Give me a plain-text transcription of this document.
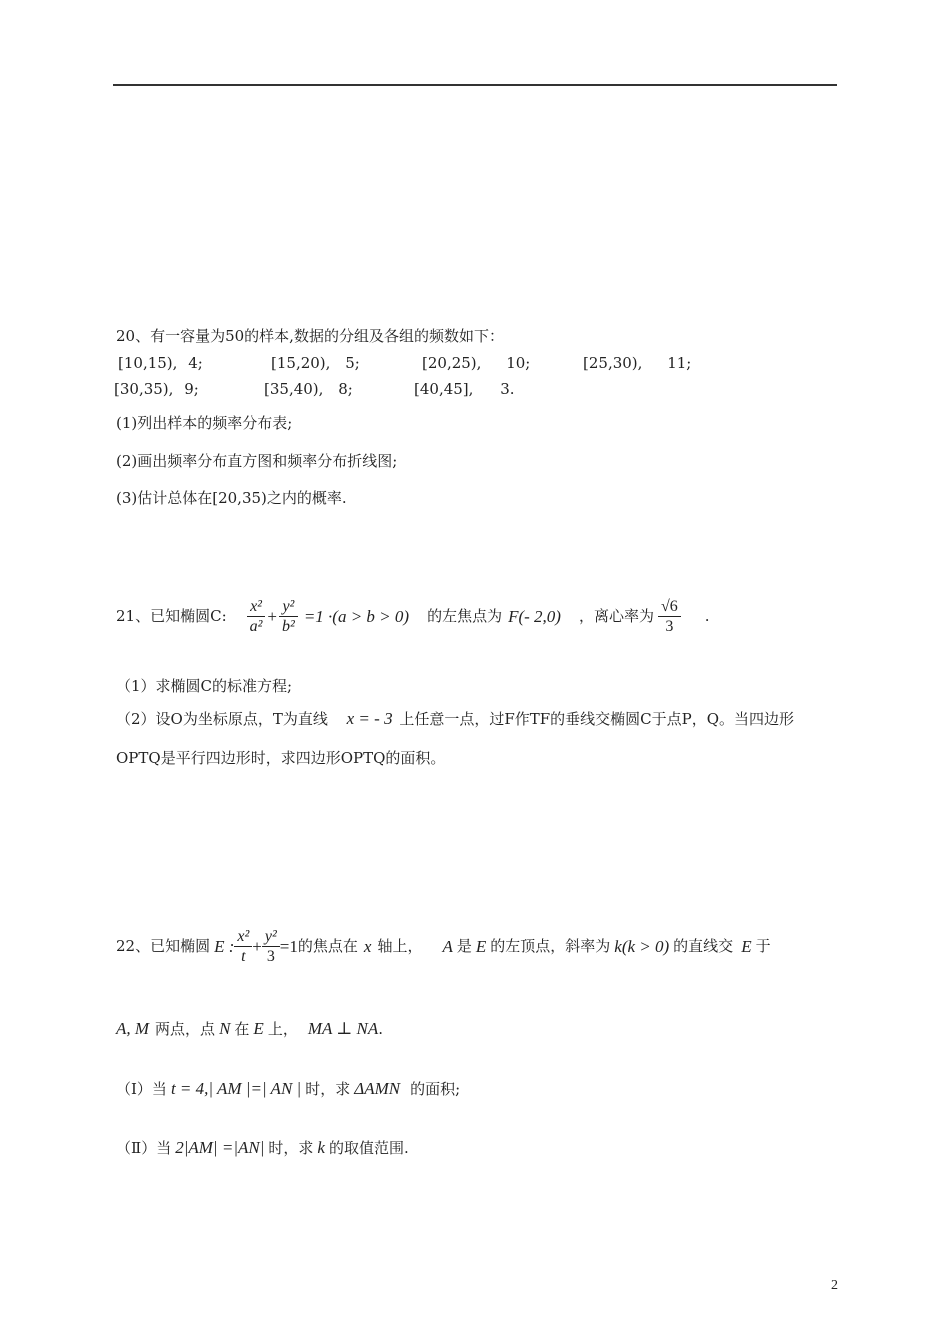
20、有一容量为50的样本,数据的分组及各组的频数如下：
[10,15), 4;	[15,20), 5;	[20,25), 10;	[25,30), 11;
[30,35), 9;	[35,40), 8;	[40,45], 3.
(1)列出样本的频率分布表;
(2)画出频率分布直方图和频率分布折线图;
(3)估计总体在[20,35)之内的概率.
21、已知椭圆C: $\frac{\text{x²}}{\text{a²}} + \frac{\text{y²}}{\text{b²}} =1 \cdot(a > b > 0)$ 的左焦点为 F(- 2,0) ，离心率为 $\frac{√6}{3}$ .
（1）求椭圆C的标准方程;
（2）设O为坐标原点，T为直线 x = - 3 上任意一点，过F作TF的垂线交椭圆C于点P，Q。当四边形
OPTQ是平行四边形时，求四边形OPTQ的面积。
22、已知椭圆 E : $\frac{\text{x²}}{t} + \frac{\text{y²}}{3} =1$ 的焦点在 x 轴上， A 是 E 的左顶点，斜率为 k(k > 0) 的直线交 E 于
A, M 两点，点 N 在 E 上， MA ⊥ NA .
（Ⅰ）当 t = 4,| AM |=| AN | 时，求 ΔAMN 的面积;
（Ⅱ）当 2|AM| =|AN| 时，求 k 的取值范围.
2
